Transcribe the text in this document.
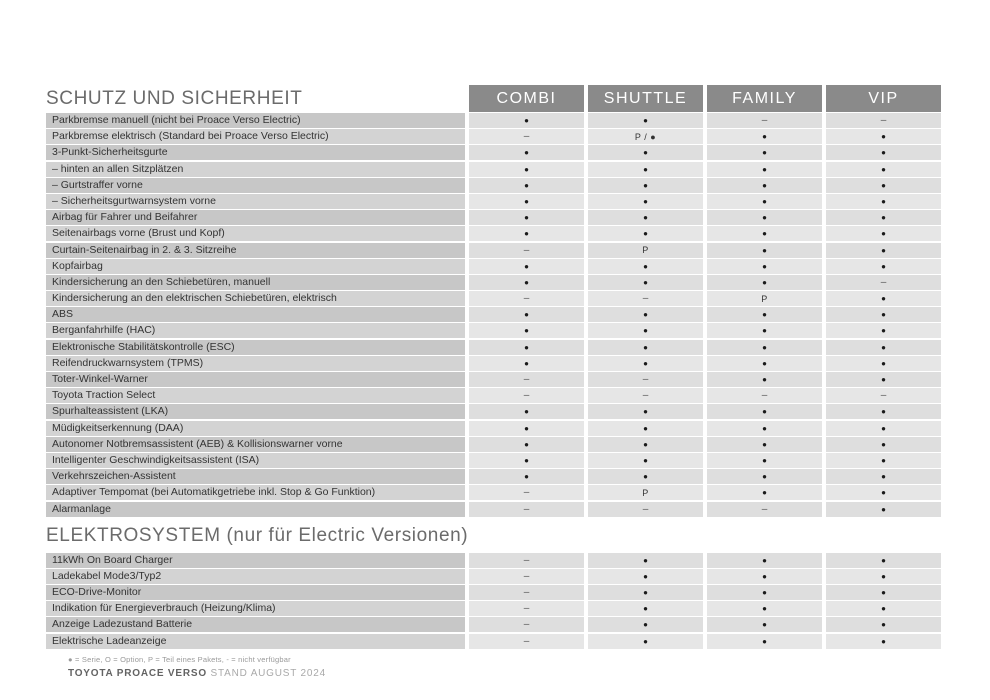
SCHUTZ UND SICHERHEIT	COMBI	SHUTTLE	FAMILY	VIP
Parkbremse manuell (nicht bei Proace Verso Electric)	●	●	–	–
Parkbremse elektrisch (Standard bei Proace Verso Electric)	–	P / ●	●	●
3-Punkt-Sicherheitsgurte	●	●	●	●
– hinten an allen Sitzplätzen	●	●	●	●
– Gurtstraffer vorne	●	●	●	●
– Sicherheitsgurtwarnsystem vorne	●	●	●	●
Airbag für Fahrer und Beifahrer	●	●	●	●
Seitenairbags vorne (Brust und Kopf)	●	●	●	●
Curtain-Seitenairbag in 2. & 3. Sitzreihe	–	P	●	●
Kopfairbag	●	●	●	●
Kindersicherung an den Schiebetüren, manuell	●	●	●	–
Kindersicherung an den elektrischen Schiebetüren, elektrisch	–	–	P	●
ABS	●	●	●	●
Berganfahrhilfe (HAC)	●	●	●	●
Elektronische Stabilitätskontrolle (ESC)	●	●	●	●
Reifendruckwarnsystem (TPMS)	●	●	●	●
Toter-Winkel-Warner	–	–	●	●
Toyota Traction Select	–	–	–	–
Spurhalteassistent (LKA)	●	●	●	●
Müdigkeitserkennung (DAA)	●	●	●	●
Autonomer Notbremsassistent (AEB) & Kollisionswarner vorne	●	●	●	●
Intelligenter Geschwindigkeitsassistent (ISA)	●	●	●	●
Verkehrszeichen-Assistent	●	●	●	●
Adaptiver Tempomat (bei Automatikgetriebe inkl. Stop & Go Funktion)	–	P	●	●
Alarmanlage	–	–	–	●
ELEKTROSYSTEM (nur für Electric Versionen)
11kWh On Board Charger	–	●	●	●
Ladekabel Mode3/Typ2	–	●	●	●
ECO-Drive-Monitor	–	●	●	●
Indikation für Energieverbrauch (Heizung/Klima)	–	●	●	●
Anzeige Ladezustand Batterie	–	●	●	●
Elektrische Ladeanzeige	–	●	●	●
● = Serie, O = Option, P = Teil eines Pakets, - = nicht verfügbar
TOYOTA PROACE VERSO STAND AUGUST 2024
